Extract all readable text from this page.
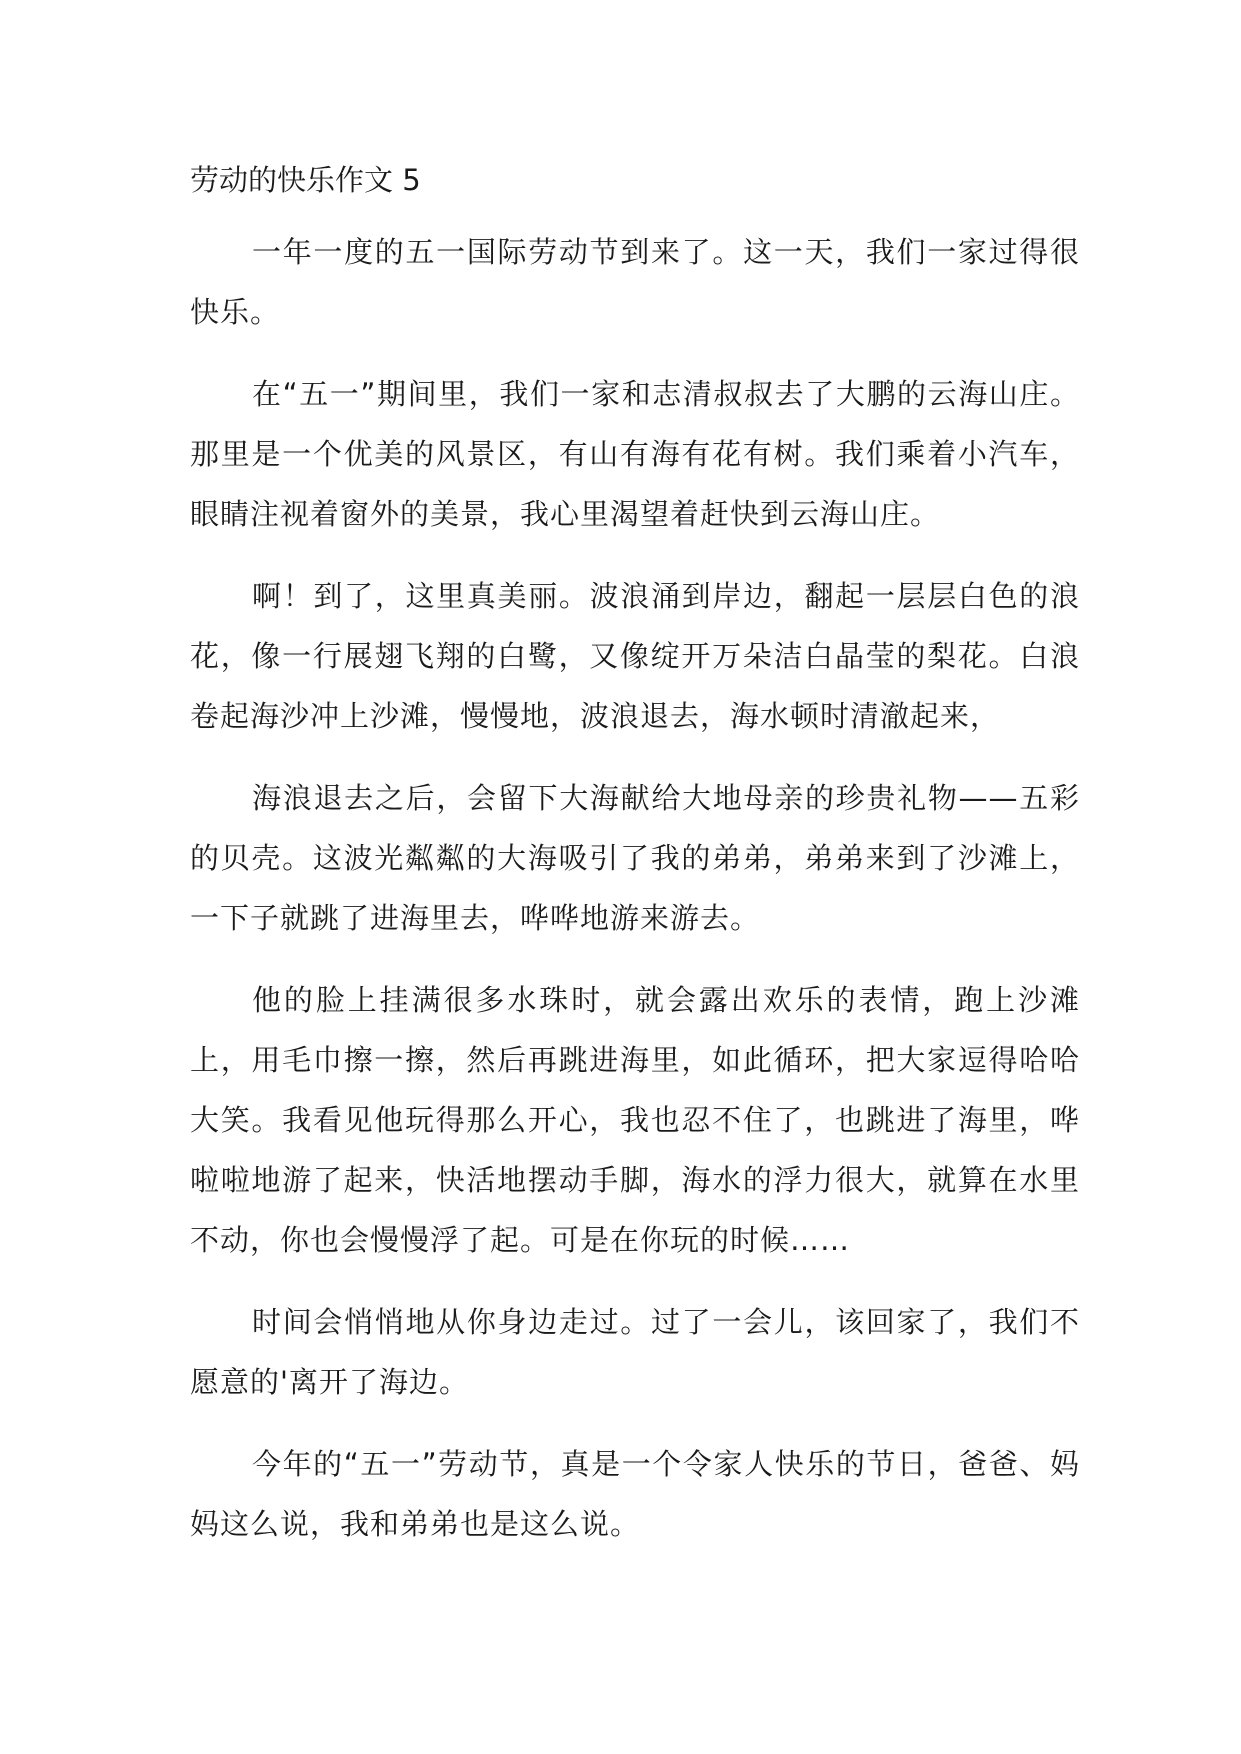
劳动的快乐作文 5

一年一度的五一国际劳动节到来了。这一天，我们一家过得很快乐。

在“五一”期间里，我们一家和志清叔叔去了大鹏的云海山庄。那里是一个优美的风景区，有山有海有花有树。我们乘着小汽车，眼睛注视着窗外的美景，我心里渴望着赶快到云海山庄。

啊！到了，这里真美丽。波浪涌到岸边，翻起一层层白色的浪花，像一行展翅飞翔的白鹭，又像绽开万朵洁白晶莹的梨花。白浪卷起海沙冲上沙滩，慢慢地，波浪退去，海水顿时清澈起来，

海浪退去之后，会留下大海献给大地母亲的珍贵礼物——五彩的贝壳。这波光粼粼的大海吸引了我的弟弟，弟弟来到了沙滩上，一下子就跳了进海里去，哗哗地游来游去。

他的脸上挂满很多水珠时，就会露出欢乐的表情，跑上沙滩上，用毛巾擦一擦，然后再跳进海里，如此循环，把大家逗得哈哈大笑。我看见他玩得那么开心，我也忍不住了，也跳进了海里，哗啦啦地游了起来，快活地摆动手脚，海水的浮力很大，就算在水里不动，你也会慢慢浮了起。可是在你玩的时候……

时间会悄悄地从你身边走过。过了一会儿，该回家了，我们不愿意的'离开了海边。

今年的“五一”劳动节，真是一个令家人快乐的节日，爸爸、妈妈这么说，我和弟弟也是这么说。
